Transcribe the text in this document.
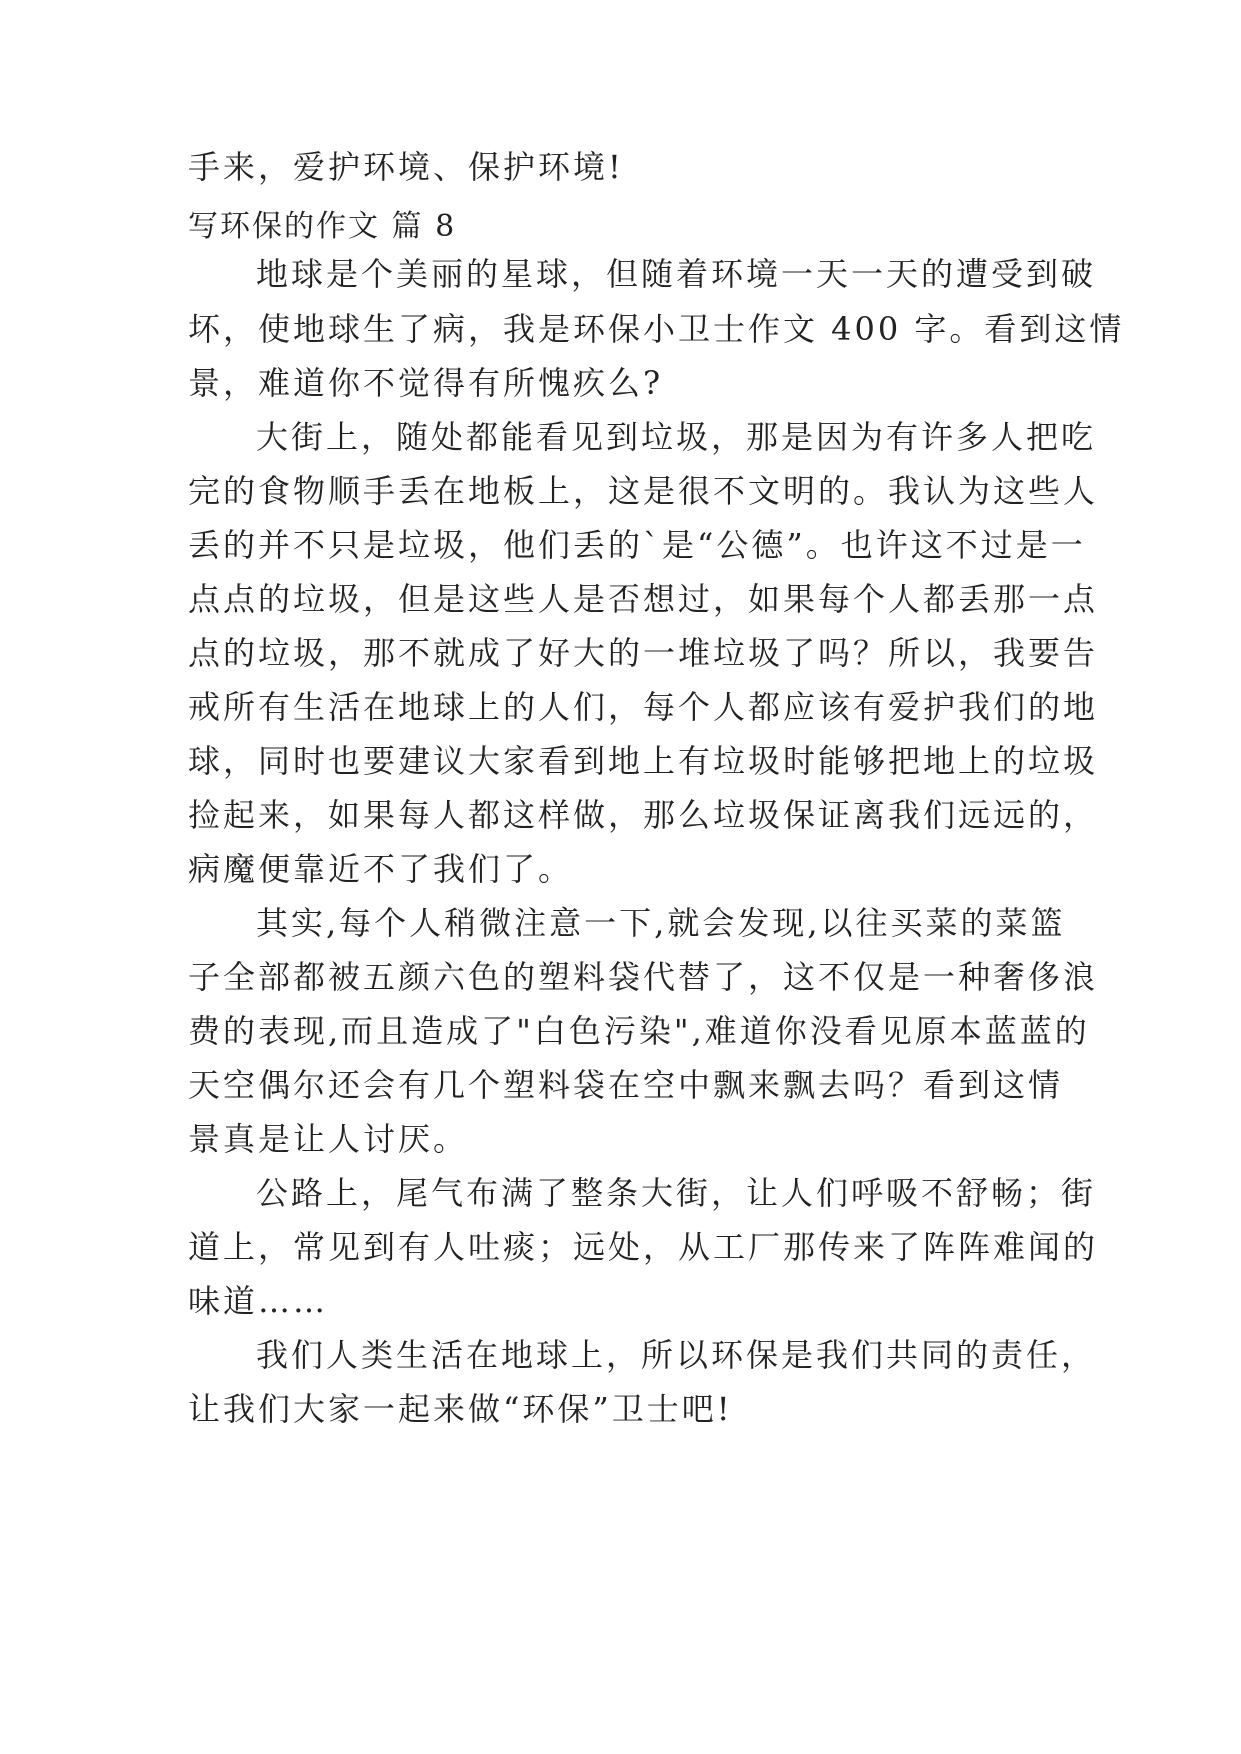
手来，爱护环境、保护环境!
写环保的作文 篇 8
地球是个美丽的星球，但随着环境一天一天的遭受到破
坏，使地球生了病，我是环保小卫士作文 400 字。看到这情
景，难道你不觉得有所愧疚么?
大街上，随处都能看见到垃圾，那是因为有许多人把吃
完的食物顺手丢在地板上，这是很不文明的。我认为这些人
丢的并不只是垃圾，他们丢的`是“公德”。也许这不过是一
点点的垃圾，但是这些人是否想过，如果每个人都丢那一点
点的垃圾，那不就成了好大的一堆垃圾了吗？所以，我要告
戒所有生活在地球上的人们，每个人都应该有爱护我们的地
球，同时也要建议大家看到地上有垃圾时能够把地上的垃圾
捡起来，如果每人都这样做，那么垃圾保证离我们远远的，
病魔便靠近不了我们了。
其实,每个人稍微注意一下,就会发现,以往买菜的菜篮
子全部都被五颜六色的塑料袋代替了，这不仅是一种奢侈浪
费的表现,而且造成了"白色污染",难道你没看见原本蓝蓝的
天空偶尔还会有几个塑料袋在空中飘来飘去吗？看到这情
景真是让人讨厌。
公路上，尾气布满了整条大街，让人们呼吸不舒畅；街
道上，常见到有人吐痰；远处，从工厂那传来了阵阵难闻的
味道……
我们人类生活在地球上，所以环保是我们共同的责任，
让我们大家一起来做“环保”卫士吧!
